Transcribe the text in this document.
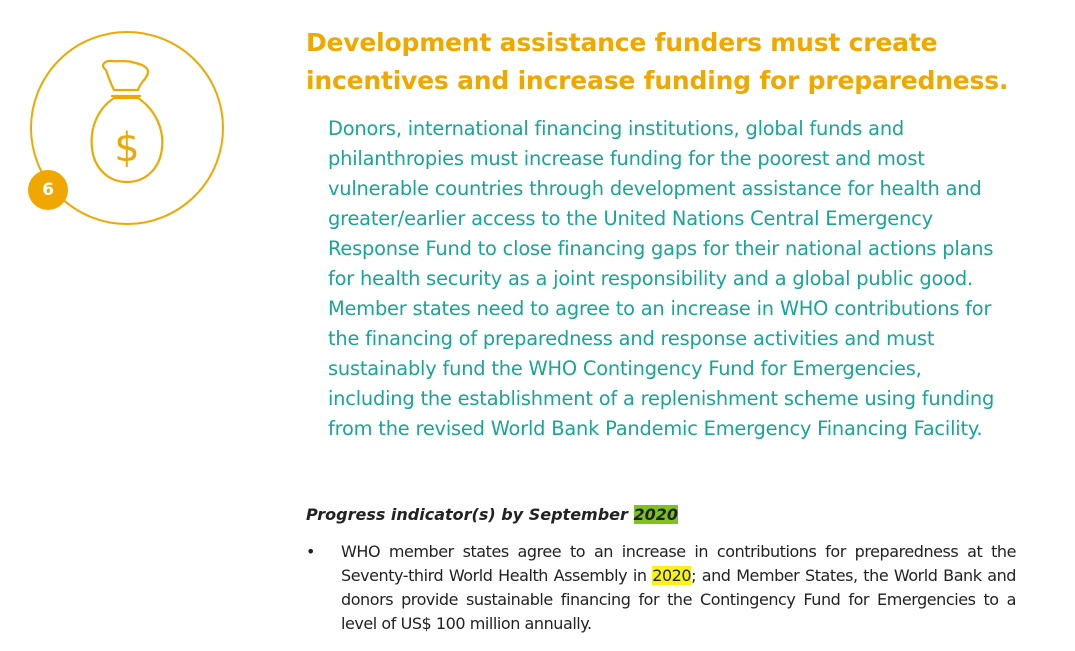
$
6
Development assistance funders must create incentives and increase funding for preparedness.

Donors, international financing institutions, global funds and philanthropies must increase funding for the poorest and most vulnerable countries through development assistance for health and greater/earlier access to the United Nations Central Emergency Response Fund to close financing gaps for their national actions plans for health security as a joint responsibility and a global public good. Member states need to agree to an increase in WHO contributions for the financing of preparedness and response activities and must sustainably fund the WHO Contingency Fund for Emergencies, including the establishment of a replenishment scheme using funding from the revised World Bank Pandemic Emergency Financing Facility.

Progress indicator(s) by September 2020

• WHO member states agree to an increase in contributions for preparedness at the Seventy-third World Health Assembly in 2020; and Member States, the World Bank and donors provide sustainable financing for the Contingency Fund for Emergencies to a level of US$ 100 million annually.
